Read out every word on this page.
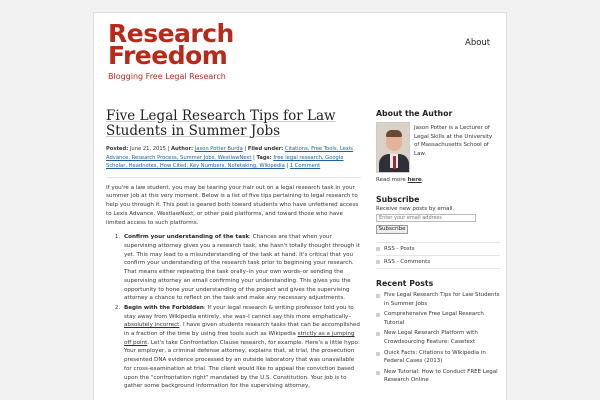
Research
Freedom
Blogging Free Legal Research
About
Five Legal Research Tips for Law Students in Summer Jobs
Posted: June 21, 2015 | Author: Jason Potter Burda | Filed under: Citations, Free Tools, Lexis Advance, Research Process, Summer Jobs, WestlawNext | Tags: free legal research, Google Scholar, Headnotes, How Cited, Key Numbers, Notetaking, Wikipedia | 1 Comment

If you're a law student, you may be tearing your hair out on a legal research task in your summer job at this very moment. Below is a list of five tips pertaining to legal research to help you through it. This post is geared both toward students who have unfettered access to Lexis Advance, WestlawNext, or other paid platforms, and toward those who have limited access to such platforms.

1. Confirm your understanding of the task: Chances are that when your supervising attorney gives you a research task, she hasn't totally thought through it yet. This may lead to a misunderstanding of the task at hand. It's critical that you confirm your understanding of the research task prior to beginning your research. That means either repeating the task orally–in your own words–or sending the supervising attorney an email confirming your understanding. This gives you the opportunity to hone your understanding of the project and gives the supervising attorney a chance to reflect on the task and make any necessary adjustments.
2. Begin with the Forbidden: If your legal research & writing professor told you to stay away from Wikipedia entirely, she was–I cannot say this more emphatically–absolutely incorrect. I have given students research tasks that can be accomplished in a fraction of the time by using free tools such as Wikipedia strictly as a jumping off point. Let's take Confrontation Clause research, for example. Here's a little hypo: Your employer, a criminal defense attorney, explains that, at trial, the prosecution presented DNA evidence processed by an outside laboratory that was unavailable for cross-examination at trial. The client would like to appeal the conviction based upon the "confrontation right" mandated by the U.S. Constitution. Your job is to gather some background information for the supervising attorney,
About the Author
Jason Potter is a Lecturer of Legal Skills at the University of Massachusetts School of Law.
Read more here.
Subscribe
Receive new posts by email.
Enter your email address
Subscribe
RSS - Posts
RSS - Comments
Recent Posts
Five Legal Research Tips for Law Students in Summer Jobs
Comprehensive Free Legal Research Tutorial
New Legal Research Platform with Crowdsourcing Feature: Casetext
Quick Facts: Citations to Wikipedia in Federal Cases (2013)
New Tutorial: How to Conduct FREE Legal Research Online
